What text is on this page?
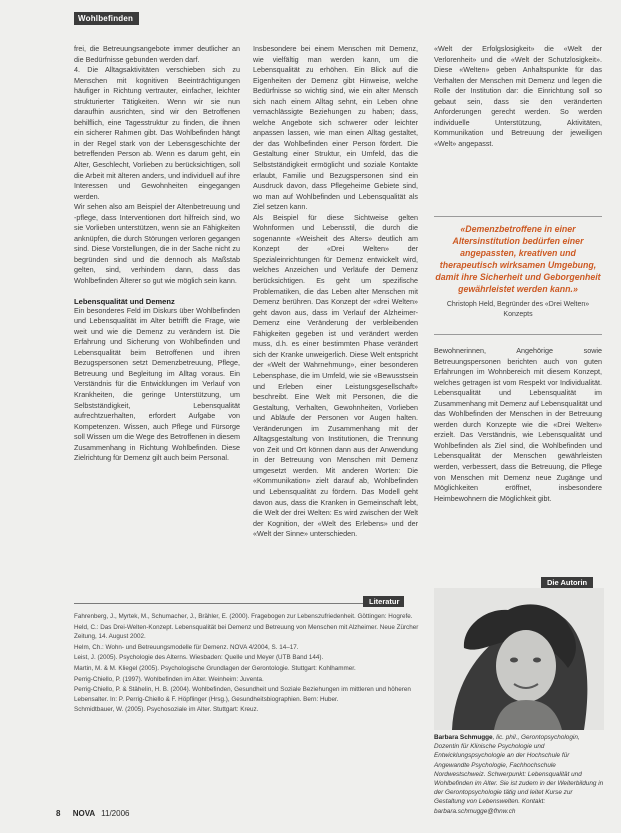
Wohlbefinden

frei, die Betreuungsangebote immer deutlicher an die Bedürfnisse gebunden werden darf.

4. Die Alltagsaktivitäten verschieben sich zu Menschen mit kognitiven Beeinträchtigungen häufiger in Richtung vertrauter, einfacher, leichter strukturierter Tätigkeiten. Wenn wir sie nun daraufhin ausrichten, sind wir den Betroffenen behilflich, eine Tagesstruktur zu finden, die ihnen ein sicherer Rahmen gibt. Das Wohlbefinden hängt in der Regel stark von der Lebensgeschichte der betreffenden Person ab. Wenn es darum geht, ein Alter, Geschlecht, Vorlieben zu berücksichtigen, soll die Arbeit mit älteren anders, und individuell auf ihre Interessen und Gewohnheiten eingegangen werden.

Wir sehen also am Beispiel der Altenbetreuung und -pflege, dass Interventionen dort hilfreich sind, wo sie Vorlieben unterstützen, wenn sie an Fähigkeiten anknüpfen, die durch Störungen verloren gegangen sind. Diese Vorstellungen, die in der Sache nicht zu begründen sind und die dennoch als Maßstab gelten, sind, verhindern dann, dass das Wohlbefinden Älterer so gut wie möglich sein kann.

Lebensqualität und Demenz

Ein besonderes Feld im Diskurs über Wohlbefinden und Lebensqualität im Alter betrifft die Frage, wie weit und wie die Demenz zu verändern ist. Die Erfahrung und Sicherung von Wohlbefinden und Lebensqualität beim Betroffenen und ihren Bezugspersonen setzt Demenzbetreuung, Pflege, Betreuung und Begleitung im Alltag voraus. Ein Verständnis für die Entwicklungen im Verlauf von Krankheiten, die geringe Unterstützung, um Selbstständigkeit, Lebensqualität aufrechtzuerhalten, erfordert Aufgabe von Kompetenzen. Wissen, auch Pflege und Fürsorge soll Wissen um die Wege des Betroffenen in diesem Zusammenhang in Richtung Wohlbefinden. Diese Zielrichtung für Demenz gilt auch beim Personal.

Insbesondere bei einem Menschen mit Demenz, wie vielfältig man werden kann, um die Lebensqualität zu erhöhen. Ein Blick auf die Eigenheiten der Demenz gibt Hinweise, welche Bedürfnisse so wichtig sind, wie ein alter Mensch sich nach einem Alltag sehnt, ein Leben ohne vernachlässigte Beziehungen zu haben; dass, welche Angebote sich schwerer oder leichter anpassen lassen, wie man einen Alltag gestaltet, der das Wohlbefinden einer Person fördert. Die Gestaltung einer Struktur, ein Umfeld, das die Selbstständigkeit ermöglicht und soziale Kontakte erlaubt, Familie und Bezugspersonen sind ein Ausdruck davon, dass Pflegeheime Gebiete sind, wo man auf Wohlbefinden und Lebensqualität als Ziel setzen kann.

Als Beispiel für diese Sichtweise gelten Wohnformen und Lebensstil, die durch die sogenannte «Weisheit des Alters» deutlich am Konzept der «Drei Welten» der Spezialeinrichtungen für Demenz entwickelt wird, welches Anzeichen und Verläufe der Demenz berücksichtigen. Es geht um spezifische Problematiken, die das Leben alter Menschen mit Demenz berühren. Das Konzept der «drei Welten» geht davon aus, dass im Verlauf der Alzheimer-Demenz eine Veränderung der verbleibenden Fähigkeiten gegeben ist und verändert werden muss, d.h. es einer bestimmten Phase verändert sich der Kranke unweigerlich. Diese Welt entspricht der «Welt der Wahrnehmung», einer besonderen Lebensphase, die im Umfeld, wie sie «Bewusstsein und Erleben einer Leistungsgesellschaft» beschreibt. Eine Welt mit Personen, die die Gestaltung, Verhalten, Gewohnheiten, Vorlieben und Abläufe der Personen vor Augen halten. Veränderungen im Zusammenhang mit der Alltagsgestaltung von Institutionen, die Trennung von Zeit und Ort können dann aus der Anwendung in der Betreuung von Menschen mit Demenz umgesetzt werden. Mit anderen Worten: Die «Kommunikation» zielt darauf ab, Wohlbefinden und Lebensqualität zu fördern. Das Modell geht davon aus, dass die Kranken in Gemeinschaft lebt, die Welt der drei Welten: Es wird zwischen der Welt der Kognition, der «Welt des Erlebens» und der «Welt der Sinne» unterschieden.

«Welt der Erfolgslosigkeit» die «Welt der Verlorenheit» und die «Welt der Schutzlosigkeit». Diese «Welten» geben Anhaltspunkte für das Verhalten der Menschen mit Demenz und legen die Rolle der Institution dar: die Einrichtung soll so gebaut sein, dass sie den veränderten Anforderungen gerecht werden. So werden individuelle Unterstützung, Aktivitäten, Kommunikation und Betreuung der jeweiligen «Welt» angepasst.

«Demenzbetroffene in einer Altersinstitution bedürfen einer angepassten, kreativen und therapeutisch wirksamen Umgebung, damit ihre Sicherheit und Geborgenheit gewährleistet werden kann.»
Christoph Held, Begründer des «Drei Welten» Konzepts

Bewohnerinnen, Angehörige sowie Betreuungspersonen berichten auch von guten Erfahrungen im Wohnbereich mit diesem Konzept, welches getragen ist vom Respekt vor Individualität. Lebensqualität und Lebensqualität im Zusammenhang mit Demenz auf Lebensqualität und das Wohlbefinden der Menschen in der Betreuung werden durch Konzepte wie die «Drei Welten» erzielt. Das Verständnis, wie Lebensqualität und Wohlbefinden als Ziel sind, die Wohlbefinden und Lebensqualität der Menschen gewährleisten werden, verbessert, dass die Betreuung, die Pflege von Menschen mit Demenz neue Zugänge und Möglichkeiten eröffnet, insbesondere Heimbewohnern die Möglichkeit gibt.

Literatur

Fahrenberg, J., Myrtek, M., Schumacher, J., Brähler, E. (2000). Fragebogen zur Lebenszufriedenheit. Göttingen: Hogrefe.

Held, C.: Das Drei-Welten-Konzept. Lebensqualität bei Demenz und Betreuung von Menschen mit Alzheimer. Neue Zürcher Zeitung, 14. August 2002.

Helm, Ch.: Wohn- und Betreuungsmodelle für Demenz. NOVA 4/2004, S. 14–17.

Leist, J. (2005). Psychologie des Alterns. Wiesbaden: Quelle und Meyer (UTB Band 144).

Martin, M. & M. Kliegel (2005). Psychologische Grundlagen der Gerontologie. Stuttgart: Kohlhammer.

Perrig-Chiello, P. (1997). Wohlbefinden im Alter. Weinheim: Juventa.

Perrig-Chiello, P. & Stähelin, H. B. (2004). Wohlbefinden, Gesundheit und Soziale Beziehungen im mittleren und höheren Lebensalter. In: P. Perrig-Chiello & F. Höpflinger (Hrsg.), Gesundheitsbiographien. Bern: Huber.

Schmidtbauer, W. (2005). Psychosoziale im Alter. Stuttgart: Kreuz.

Die Autorin
Barbara Schmugge, lic. phil., Gerontopsychologin, Dozentin für Klinische Psychologie und Entwicklungspsychologie an der Hochschule für Angewandte Psychologie, Fachhochschule Nordwestschweiz. Schwerpunkt: Lebensqualität und Wohlbefinden im Alter. Sie ist zudem in der Weiterbildung in der Gerontopsychologie tätig und leitet Kurse zur Gestaltung von Lebenswelten. Kontakt: barbara.schmugge@fhnw.ch
8 NOVA 11/2006
